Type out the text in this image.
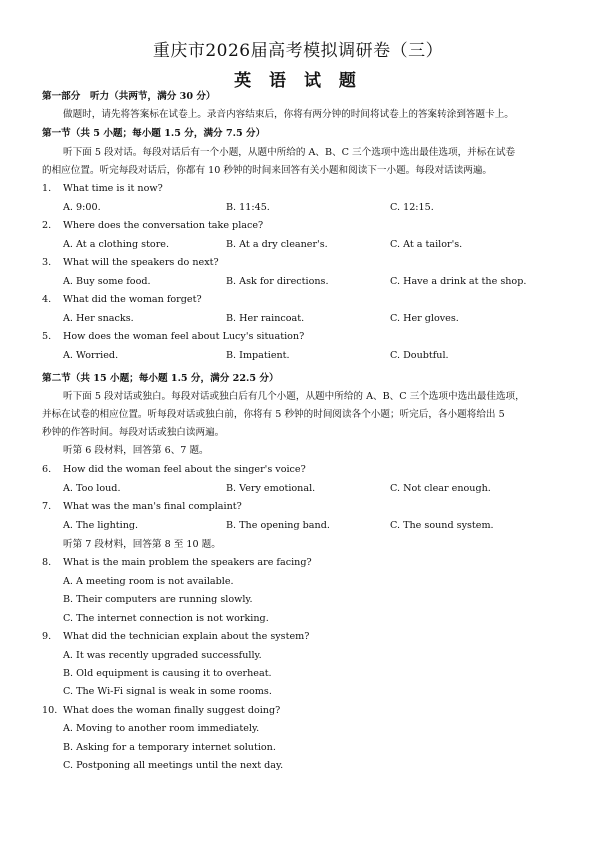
重庆市2026届高考模拟调研卷（三）
英 语 试 题
第一部分　听力（共两节，满分 30 分）
做题时，请先将答案标在试卷上。录音内容结束后，你将有两分钟的时间将试卷上的答案转涂到答题卡上。
第一节（共 5 小题；每小题 1.5 分，满分 7.5 分）
听下面 5 段对话。每段对话后有一个小题，从题中所给的 A、B、C 三个选项中选出最佳选项，并标在试卷
的相应位置。听完每段对话后，你都有 10 秒钟的时间来回答有关小题和阅读下一小题。每段对话读两遍。
1. What time is it now?
A. 9:00.	B. 11:45.	C. 12:15.
2. Where does the conversation take place?
A. At a clothing store.	B. At a dry cleaner's.	C. At a tailor's.
3. What will the speakers do next?
A. Buy some food.	B. Ask for directions.	C. Have a drink at the shop.
4. What did the woman forget?
A. Her snacks.	B. Her raincoat.	C. Her gloves.
5. How does the woman feel about Lucy's situation?
A. Worried.	B. Impatient.	C. Doubtful.
第二节（共 15 小题；每小题 1.5 分，满分 22.5 分）
听下面 5 段对话或独白。每段对话或独白后有几个小题，从题中所给的 A、B、C 三个选项中选出最佳选项，
并标在试卷的相应位置。听每段对话或独白前，你将有 5 秒钟的时间阅读各个小题；听完后，各小题将给出 5
秒钟的作答时间。每段对话或独白读两遍。
听第 6 段材料，回答第 6、7 题。
6. How did the woman feel about the singer's voice?
A. Too loud.	B. Very emotional.	C. Not clear enough.
7. What was the man's final complaint?
A. The lighting.	B. The opening band.	C. The sound system.
听第 7 段材料，回答第 8 至 10 题。
8. What is the main problem the speakers are facing?
A. A meeting room is not available.
B. Their computers are running slowly.
C. The internet connection is not working.
9. What did the technician explain about the system?
A. It was recently upgraded successfully.
B. Old equipment is causing it to overheat.
C. The Wi-Fi signal is weak in some rooms.
10. What does the woman finally suggest doing?
A. Moving to another room immediately.
B. Asking for a temporary internet solution.
C. Postponing all meetings until the next day.
